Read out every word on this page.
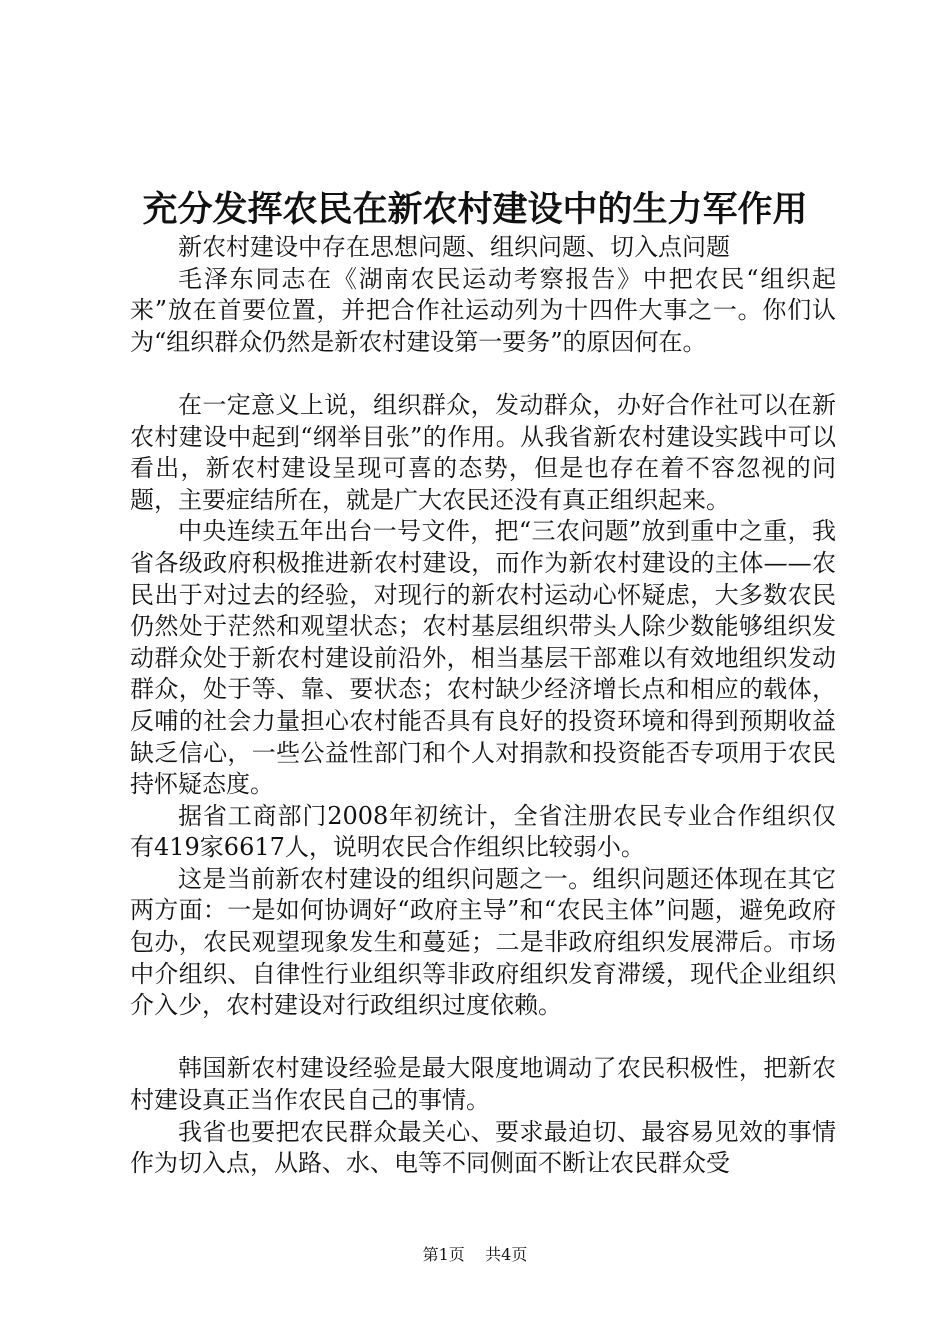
充分发挥农民在新农村建设中的生力军作用

新农村建设中存在思想问题、组织问题、切入点问题

毛泽东同志在《湖南农民运动考察报告》中把农民“组织起来”放在首要位置，并把合作社运动列为十四件大事之一。你们认为“组织群众仍然是新农村建设第一要务”的原因何在。

在一定意义上说，组织群众，发动群众，办好合作社可以在新农村建设中起到“纲举目张”的作用。从我省新农村建设实践中可以看出，新农村建设呈现可喜的态势，但是也存在着不容忽视的问题，主要症结所在，就是广大农民还没有真正组织起来。

中央连续五年出台一号文件，把“三农问题”放到重中之重，我省各级政府积极推进新农村建设，而作为新农村建设的主体——农民出于对过去的经验，对现行的新农村运动心怀疑虑，大多数农民仍然处于茫然和观望状态；农村基层组织带头人除少数能够组织发动群众处于新农村建设前沿外，相当基层干部难以有效地组织发动群众，处于等、靠、要状态；农村缺少经济增长点和相应的载体，反哺的社会力量担心农村能否具有良好的投资环境和得到预期收益缺乏信心，一些公益性部门和个人对捐款和投资能否专项用于农民持怀疑态度。

据省工商部门2008年初统计，全省注册农民专业合作组织仅有419家6617人，说明农民合作组织比较弱小。

这是当前新农村建设的组织问题之一。组织问题还体现在其它两方面：一是如何协调好“政府主导”和“农民主体”问题，避免政府包办，农民观望现象发生和蔓延；二是非政府组织发展滞后。市场中介组织、自律性行业组织等非政府组织发育滞缓，现代企业组织介入少，农村建设对行政组织过度依赖。

韩国新农村建设经验是最大限度地调动了农民积极性，把新农村建设真正当作农民自己的事情。

我省也要把农民群众最关心、要求最迫切、最容易见效的事情作为切入点，从路、水、电等不同侧面不断让农民群众受

第1页 共4页
